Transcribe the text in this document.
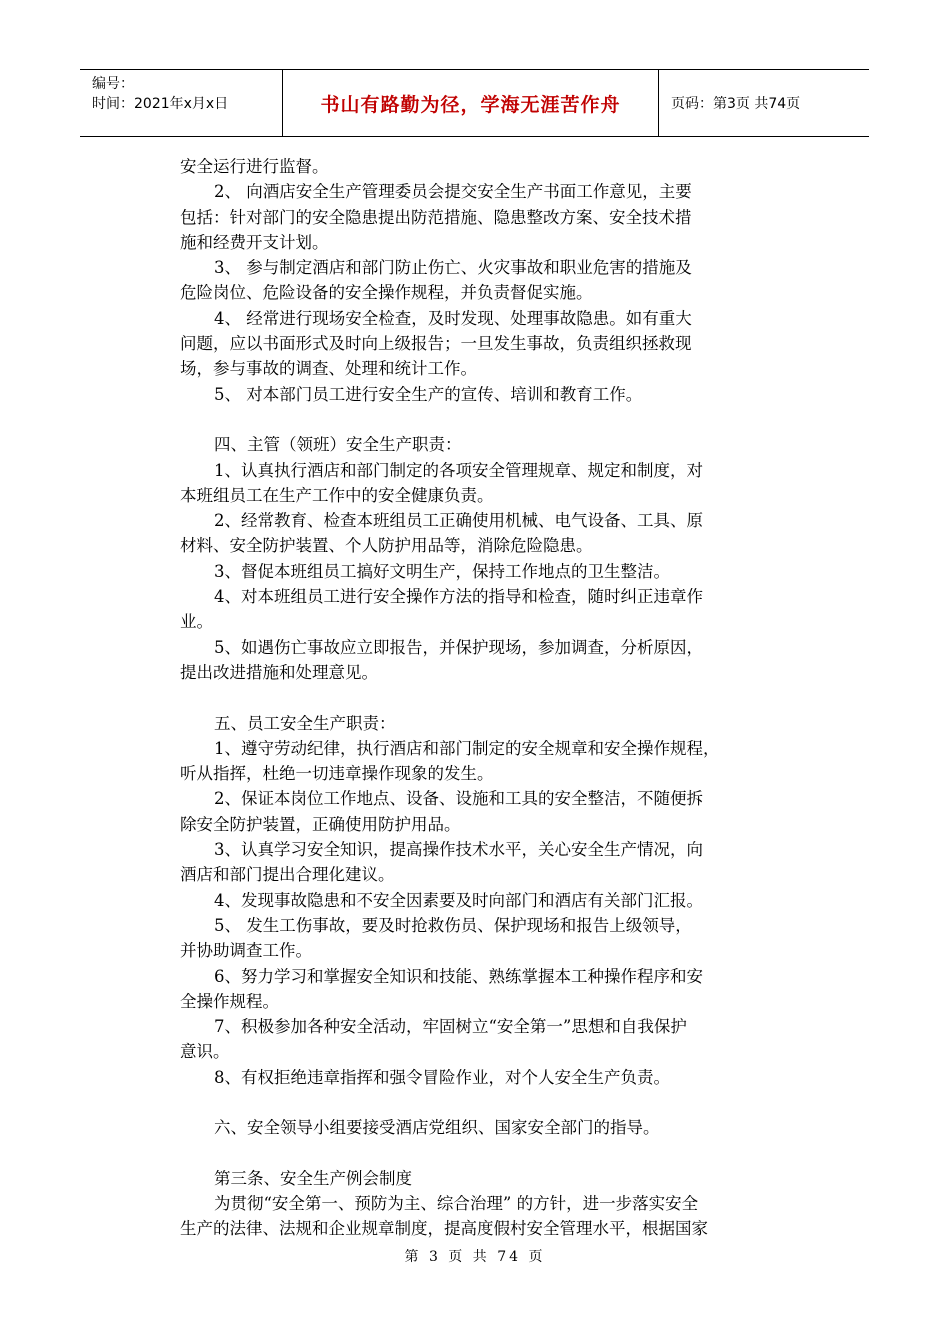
编号：
时间：2021年x月x日	书山有路勤为径，学海无涯苦作舟	页码：第3页 共74页
安全运行进行监督。
2、 向酒店安全生产管理委员会提交安全生产书面工作意见，主要
包括：针对部门的安全隐患提出防范措施、隐患整改方案、安全技术措
施和经费开支计划。
3、 参与制定酒店和部门防止伤亡、火灾事故和职业危害的措施及
危险岗位、危险设备的安全操作规程，并负责督促实施。
4、 经常进行现场安全检查，及时发现、处理事故隐患。如有重大
问题，应以书面形式及时向上级报告；一旦发生事故，负责组织拯救现
场，参与事故的调查、处理和统计工作。
5、 对本部门员工进行安全生产的宣传、培训和教育工作。
四、主管（领班）安全生产职责：
1、认真执行酒店和部门制定的各项安全管理规章、规定和制度，对
本班组员工在生产工作中的安全健康负责。
2、经常教育、检查本班组员工正确使用机械、电气设备、工具、原
材料、安全防护装置、个人防护用品等，消除危险隐患。
3、督促本班组员工搞好文明生产，保持工作地点的卫生整洁。
4、对本班组员工进行安全操作方法的指导和检查，随时纠正违章作
业。
5、如遇伤亡事故应立即报告，并保护现场，参加调查，分析原因，
提出改进措施和处理意见。
五、员工安全生产职责：
1、遵守劳动纪律，执行酒店和部门制定的安全规章和安全操作规程，
听从指挥，杜绝一切违章操作现象的发生。
2、保证本岗位工作地点、设备、设施和工具的安全整洁，不随便拆
除安全防护装置，正确使用防护用品。
3、认真学习安全知识，提高操作技术水平，关心安全生产情况，向
酒店和部门提出合理化建议。
4、发现事故隐患和不安全因素要及时向部门和酒店有关部门汇报。
5、 发生工伤事故，要及时抢救伤员、保护现场和报告上级领导，
并协助调查工作。
6、努力学习和掌握安全知识和技能、熟练掌握本工种操作程序和安
全操作规程。
7、积极参加各种安全活动，牢固树立“安全第一”思想和自我保护
意识。
8、有权拒绝违章指挥和强令冒险作业，对个人安全生产负责。
六、安全领导小组要接受酒店党组织、国家安全部门的指导。
第三条、安全生产例会制度
为贯彻“安全第一、预防为主、综合治理” 的方针，进一步落实安全
生产的法律、法规和企业规章制度，提高度假村安全管理水平，根据国家
第 3 页 共 74 页
